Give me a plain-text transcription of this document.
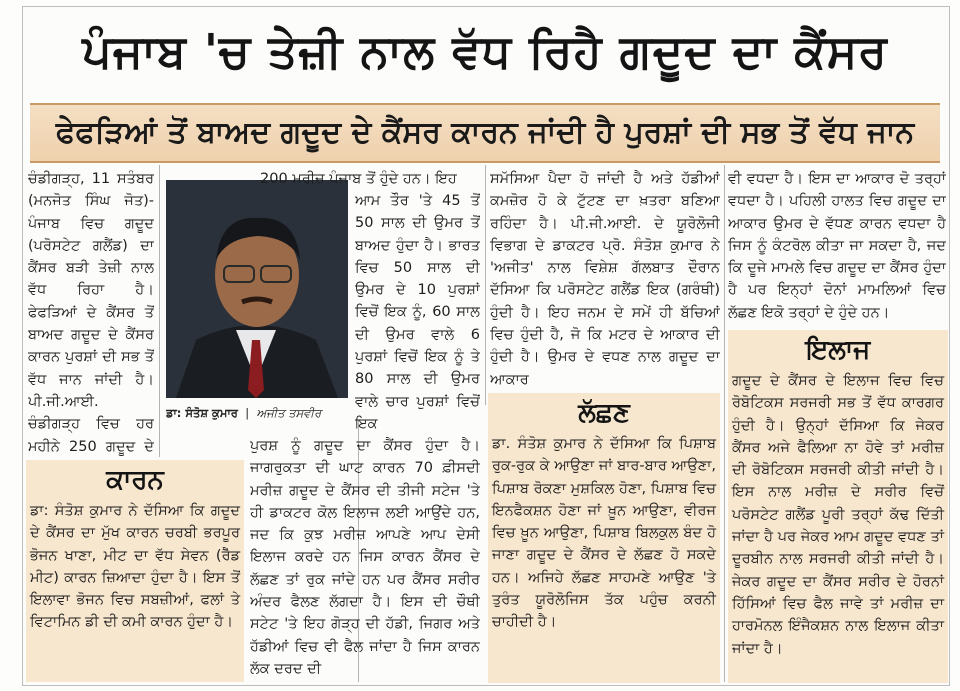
ਪੰਜਾਬ 'ਚ ਤੇਜ਼ੀ ਨਾਲ ਵੱਧ ਰਿਹੈ ਗਦੂਦ ਦਾ ਕੈਂਸਰ
ਫੇਫੜਿਆਂ ਤੋਂ ਬਾਅਦ ਗਦੂਦ ਦੇ ਕੈਂਸਰ ਕਾਰਨ ਜਾਂਦੀ ਹੈ ਪੁਰਸ਼ਾਂ ਦੀ ਸਭ ਤੋਂ ਵੱਧ ਜਾਨ

ਚੰਡੀਗੜ੍ਹ, 11 ਸਤੰਬਰ (ਮਨਜੋਤ ਸਿੰਘ ਜੋਤ)- ਪੰਜਾਬ ਵਿਚ ਗਦੂਦ (ਪਰੋਸਟੇਟ ਗਲੈਂਡ) ਦਾ ਕੈਂਸਰ ਬੜੀ ਤੇਜ਼ੀ ਨਾਲ ਵੱਧ ਰਿਹਾ ਹੈ। ਫੇਫੜਿਆਂ ਦੇ ਕੈਂਸਰ ਤੋਂ ਬਾਅਦ ਗਦੂਦ ਦੇ ਕੈਂਸਰ ਕਾਰਨ ਪੁਰਸ਼ਾਂ ਦੀ ਸਭ ਤੋਂ ਵੱਧ ਜਾਨ ਜਾਂਦੀ ਹੈ। ਪੀ.ਜੀ.ਆਈ. ਚੰਡੀਗੜ੍ਹ ਵਿਚ ਹਰ ਮਹੀਨੇ 250 ਗਦੂਦ ਦੇ

ਡਾ: ਸੰਤੋਸ਼ ਕੁਮਾਰ  |  ਅਜੀਤ ਤਸਵੀਰ

200 ਮਰੀਜ਼ ਪੰਜਾਬ ਤੋਂ ਹੁੰਦੇ ਹਨ। ਇਹ

ਆਮ ਤੌਰ 'ਤੇ 45 ਤੋਂ 50 ਸਾਲ ਦੀ ਉਮਰ ਤੋਂ ਬਾਅਦ ਹੁੰਦਾ ਹੈ। ਭਾਰਤ ਵਿਚ 50 ਸਾਲ ਦੀ ਉਮਰ ਦੇ 10 ਪੁਰਸ਼ਾਂ ਵਿਚੋਂ ਇਕ ਨੂੰ, 60 ਸਾਲ ਦੀ ਉਮਰ ਵਾਲੇ 6 ਪੁਰਸ਼ਾਂ ਵਿਚੋਂ ਇਕ ਨੂੰ ਤੇ 80 ਸਾਲ ਦੀ ਉਮਰ ਵਾਲੇ ਚਾਰ ਪੁਰਸ਼ਾਂ ਵਿਚੋਂ ਇਕ

ਪੁਰਸ਼ ਨੂੰ ਗਦੂਦ ਦਾ ਕੈਂਸਰ ਹੁੰਦਾ ਹੈ। ਜਾਗਰੁਕਤਾ ਦੀ ਘਾਟ ਕਾਰਨ 70 ਫ਼ੀਸਦੀ ਮਰੀਜ਼ ਗਦੂਦ ਦੇ ਕੈਂਸਰ ਦੀ ਤੀਜੀ ਸਟੇਜ 'ਤੇ ਹੀ ਡਾਕਟਰ ਕੋਲ ਇਲਾਜ ਲਈ ਆਉਂਦੇ ਹਨ, ਜਦ ਕਿ ਕੁਝ ਮਰੀਜ਼ ਆਪਣੇ ਆਪ ਦੇਸੀ ਇਲਾਜ ਕਰਦੇ ਹਨ ਜਿਸ ਕਾਰਨ ਕੈਂਸਰ ਦੇ ਲੱਛਣ ਤਾਂ ਰੁਕ ਜਾਂਦੇ ਹਨ ਪਰ ਕੈਂਸਰ ਸਰੀਰ ਅੰਦਰ ਫੈਲਣ ਲੱਗਦਾ ਹੈ। ਇਸ ਦੀ ਚੌਥੀ ਸਟੇਟ 'ਤੇ ਇਹ ਗੋੜ੍ਹ ਦੀ ਹੱਡੀ, ਜਿਗਰ ਅਤੇ ਹੱਡੀਆਂ ਵਿਚ ਵੀ ਫੈਲ ਜਾਂਦਾ ਹੈ ਜਿਸ ਕਾਰਨ ਲੱਕ ਦਰਦ ਦੀ

ਸਮੱਸਿਆ ਪੈਦਾ ਹੋ ਜਾਂਦੀ ਹੈ ਅਤੇ ਹੱਡੀਆਂ ਕਮਜ਼ੋਰ ਹੋ ਕੇ ਟੁੱਟਣ ਦਾ ਖ਼ਤਰਾ ਬਣਿਆ ਰਹਿੰਦਾ ਹੈ। ਪੀ.ਜੀ.ਆਈ. ਦੇ ਯੂਰੋਲੋਜੀ ਵਿਭਾਗ ਦੇ ਡਾਕਟਰ ਪ੍ਰੋ. ਸੰਤੋਸ਼ ਕੁਮਾਰ ਨੇ 'ਅਜੀਤ' ਨਾਲ ਵਿਸ਼ੇਸ਼ ਗੱਲਬਾਤ ਦੌਰਾਨ ਦੱਸਿਆ ਕਿ ਪਰੋਸਟੇਟ ਗਲੈਂਡ ਇਕ (ਗਰੰਥੀ) ਹੁੰਦੀ ਹੈ। ਇਹ ਜਨਮ ਦੇ ਸਮੇਂ ਹੀ ਬੱਚਿਆਂ ਵਿਚ ਹੁੰਦੀ ਹੈ, ਜੋ ਕਿ ਮਟਰ ਦੇ ਆਕਾਰ ਦੀ ਹੁੰਦੀ ਹੈ। ਉਮਰ ਦੇ ਵਧਣ ਨਾਲ ਗਦੂਦ ਦਾ ਆਕਾਰ

ਵੀ ਵਧਦਾ ਹੈ। ਇਸ ਦਾ ਆਕਾਰ ਦੋ ਤਰ੍ਹਾਂ ਵਧਦਾ ਹੈ। ਪਹਿਲੀ ਹਾਲਤ ਵਿਚ ਗਦੂਦ ਦਾ ਆਕਾਰ ਉਮਰ ਦੇ ਵੱਧਣ ਕਾਰਨ ਵਧਦਾ ਹੈ ਜਿਸ ਨੂੰ ਕੰਟਰੋਲ ਕੀਤਾ ਜਾ ਸਕਦਾ ਹੈ, ਜਦ ਕਿ ਦੂਜੇ ਮਾਮਲੇ ਵਿਚ ਗਦੂਦ ਦਾ ਕੈਂਸਰ ਹੁੰਦਾ ਹੈ ਪਰ ਇਨ੍ਹਾਂ ਦੋਨਾਂ ਮਾਮਲਿਆਂ ਵਿਚ ਲੱਛਣ ਇਕੋ ਤਰ੍ਹਾਂ ਦੇ ਹੁੰਦੇ ਹਨ।

ਕਾਰਨ
ਡਾ: ਸੰਤੋਸ਼ ਕੁਮਾਰ ਨੇ ਦੱਸਿਆ ਕਿ ਗਦੂਦ ਦੇ ਕੈਂਸਰ ਦਾ ਮੁੱਖ ਕਾਰਨ ਚਰਬੀ ਭਰਪੂਰ ਭੋਜਨ ਖਾਣਾ, ਮੀਟ ਦਾ ਵੱਧ ਸੇਵਨ (ਰੈੱਡ ਮੀਟ) ਕਾਰਨ ਜ਼ਿਆਦਾ ਹੁੰਦਾ ਹੈ। ਇਸ ਤੋਂ ਇਲਾਵਾ ਭੋਜਨ ਵਿਚ ਸਬਜ਼ੀਆਂ, ਫਲਾਂ ਤੇ ਵਿਟਾਮਿਨ ਡੀ ਦੀ ਕਮੀ ਕਾਰਨ ਹੁੰਦਾ ਹੈ।
ਲੱਛਣ
ਡਾ. ਸੰਤੋਸ਼ ਕੁਮਾਰ ਨੇ ਦੱਸਿਆ ਕਿ ਪਿਸ਼ਾਬ ਰੁਕ-ਰੁਕ ਕੇ ਆਉਣਾ ਜਾਂ ਬਾਰ-ਬਾਰ ਆਉਣਾ, ਪਿਸ਼ਾਬ ਰੋਕਣਾ ਮੁਸ਼ਕਿਲ ਹੋਣਾ, ਪਿਸ਼ਾਬ ਵਿਚ ਇਨਫੈਕਸ਼ਨ ਹੋਣਾ ਜਾਂ ਖ਼ੂਨ ਆਉਣਾ, ਵੀਰਜ ਵਿਚ ਖ਼ੂਨ ਆਉਣਾ, ਪਿਸ਼ਾਬ ਬਿਲਕੁਲ ਬੰਦ ਹੋ ਜਾਣਾ ਗਦੂਦ ਦੇ ਕੈਂਸਰ ਦੇ ਲੱਛਣ ਹੋ ਸਕਦੇ ਹਨ। ਅਜਿਹੇ ਲੱਛਣ ਸਾਹਮਣੇ ਆਉਣ 'ਤੇ ਤੁਰੰਤ ਯੂਰੋਲੋਜਿਸ ਤੱਕ ਪਹੁੰਚ ਕਰਨੀ ਚਾਹੀਦੀ ਹੈ।
ਇਲਾਜ
ਗਦੂਦ ਦੇ ਕੈਂਸਰ ਦੇ ਇਲਾਜ ਵਿਚ ਵਿਚ ਰੋਬੋਟਿਕਸ ਸਰਜਰੀ ਸਭ ਤੋਂ ਵੱਧ ਕਾਰਗਰ ਹੁੰਦੀ ਹੈ। ਉਨ੍ਹਾਂ ਦੱਸਿਆ ਕਿ ਜੇਕਰ ਕੈਂਸਰ ਅਜੇ ਫੈਲਿਆ ਨਾ ਹੋਵੇ ਤਾਂ ਮਰੀਜ਼ ਦੀ ਰੋਬੋਟਿਕਸ ਸਰਜਰੀ ਕੀਤੀ ਜਾਂਦੀ ਹੈ। ਇਸ ਨਾਲ ਮਰੀਜ਼ ਦੇ ਸਰੀਰ ਵਿਚੋਂ ਪਰੋਸਟੇਟ ਗਲੈਂਡ ਪੂਰੀ ਤਰ੍ਹਾਂ ਕੱਢ ਦਿੱਤੀ ਜਾਂਦਾ ਹੈ ਪਰ ਜੇਕਰ ਆਮ ਗਦੂਦ ਵਧਣ ਤਾਂ ਦੂਰਬੀਨ ਨਾਲ ਸਰਜਰੀ ਕੀਤੀ ਜਾਂਦੀ ਹੈ। ਜੇਕਰ ਗਦੂਦ ਦਾ ਕੈਂਸਰ ਸਰੀਰ ਦੇ ਹੋਰਨਾਂ ਹਿੱਸਿਆਂ ਵਿਚ ਫੈਲ ਜਾਵੇ ਤਾਂ ਮਰੀਜ਼ ਦਾ ਹਾਰਮੋਨਲ ਇੰਜੈਕਸ਼ਨ ਨਾਲ ਇਲਾਜ ਕੀਤਾ ਜਾਂਦਾ ਹੈ।
